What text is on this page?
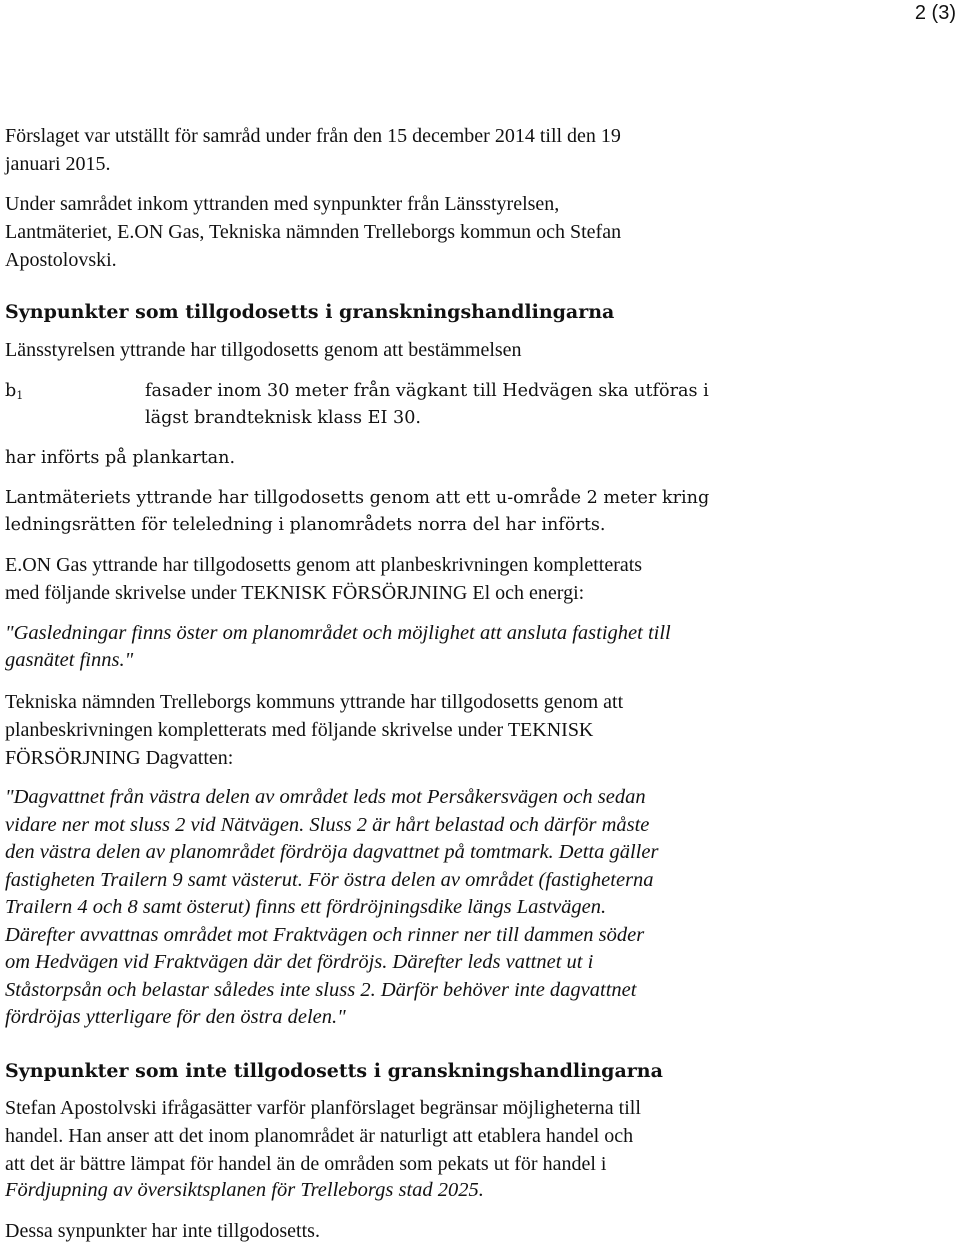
2 (3)

Förslaget var utställt för samråd under från den 15 december 2014 till den 19

januari 2015.

Under samrådet inkom yttranden med synpunkter från Länsstyrelsen,

Lantmäteriet, E.ON Gas, Tekniska nämnden Trelleborgs kommun och Stefan

Apostolovski.

Synpunkter som tillgodosetts i granskningshandlingarna

Länsstyrelsen yttrande har tillgodosetts genom att bestämmelsen

$b_1$	fasader inom 30 meter från vägkant till Hedvägen ska utföras i

lägst brandteknisk klass EI 30.

har införts på plankartan.

Lantmäteriets yttrande har tillgodosetts genom att ett u-område 2 meter kring

ledningsrätten för teleledning i planområdets norra del har införts.

E.ON Gas yttrande har tillgodosetts genom att planbeskrivningen kompletterats

med följande skrivelse under TEKNISK FÖRSÖRJNING El och energi:

"Gasledningar finns öster om planområdet och möjlighet att ansluta fastighet till

gasnätet finns."

Tekniska nämnden Trelleborgs kommuns yttrande har tillgodosetts genom att

planbeskrivningen kompletterats med följande skrivelse under TEKNISK

FÖRSÖRJNING Dagvatten:

"Dagvattnet från västra delen av området leds mot Persåkersvägen och sedan
vidare ner mot sluss 2 vid Nätvägen. Sluss 2 är hårt belastad och därför måste
den västra delen av planområdet fördröja dagvattnet på tomtmark. Detta gäller
fastigheten Trailern 9 samt västerut. För östra delen av området (fastigheterna
Trailern 4 och 8 samt österut) finns ett fördröjningsdike längs Lastvägen.
Därefter avvattnas området mot Fraktvägen och rinner ner till dammen söder
om Hedvägen vid Fraktvägen där det fördröjs. Därefter leds vattnet ut i
Ståstorpsån och belastar således inte sluss 2. Därför behöver inte dagvattnet
fördröjas ytterligare för den östra delen."
Synpunkter som inte tillgodosetts i granskningshandlingarna

Stefan Apostolvski ifrågasätter varför planförslaget begränsar möjligheterna till

handel. Han anser att det inom planområdet är naturligt att etablera handel och

att det är bättre lämpat för handel än de områden som pekats ut för handel i

Fördjupning av översiktsplanen för Trelleborgs stad 2025.

Dessa synpunkter har inte tillgodosetts.
